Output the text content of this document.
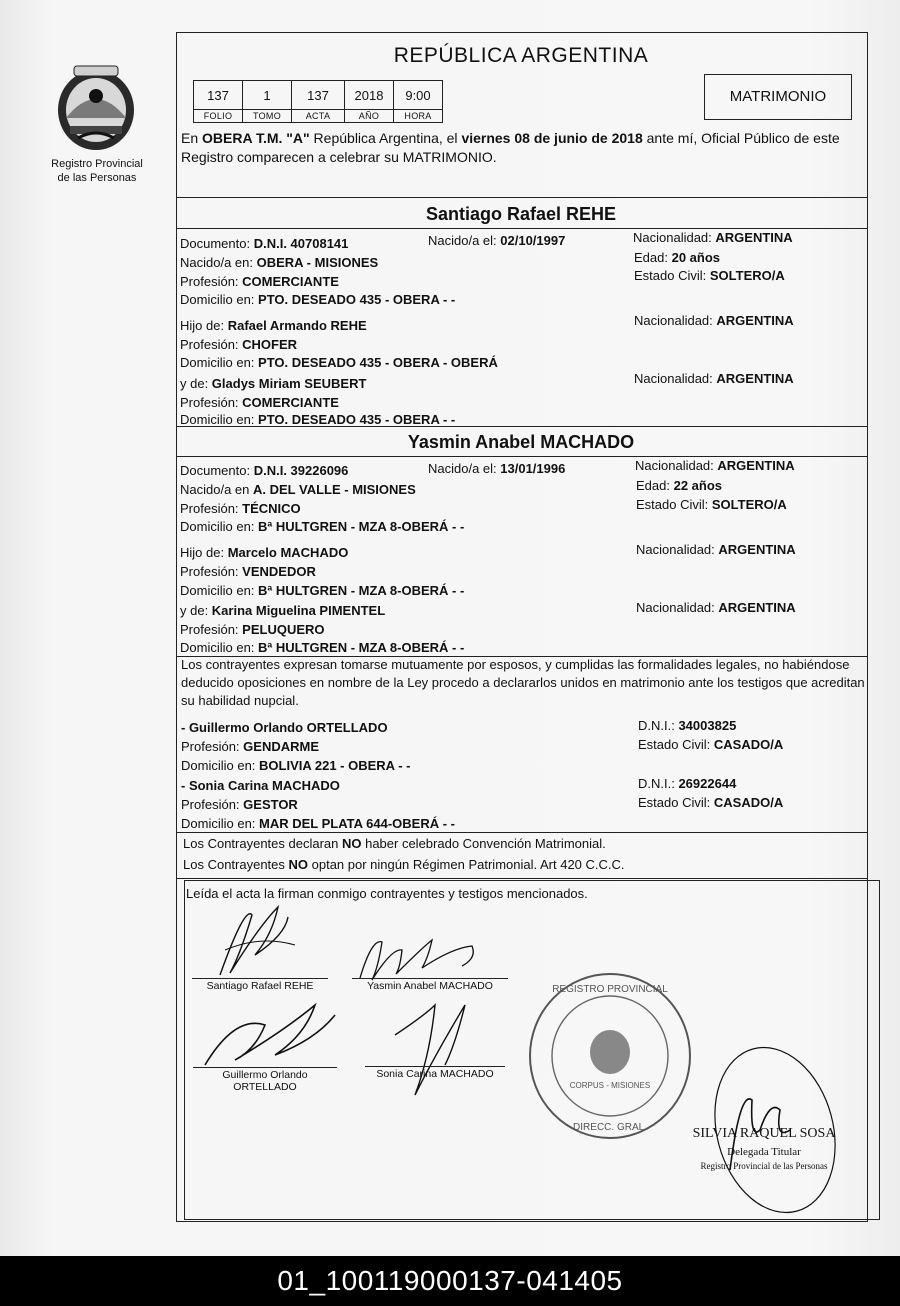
Registro Provincial
de las Personas
REPÚBLICA ARGENTINA
137	1	137	2018	9:00
FOLIO	TOMO	ACTA	AÑO	HORA
MATRIMONIO
En OBERA T.M. "A" República Argentina, el viernes 08 de junio de 2018 ante mí, Oficial Público de este Registro comparecen a celebrar su MATRIMONIO.
Santiago Rafael REHE
Documento: D.N.I. 40708141	Nacido/a el: 02/10/1997	Nacionalidad: ARGENTINA
Nacido/a en: OBERA - MISIONES	Edad: 20 años
Profesión: COMERCIANTE	Estado Civil: SOLTERO/A
Domicilio en: PTO. DESEADO 435 - OBERA - -
Hijo de: Rafael Armando REHE	Nacionalidad: ARGENTINA
Profesión: CHOFER
Domicilio en: PTO. DESEADO 435 - OBERA - OBERÁ
y de: Gladys Miriam SEUBERT	Nacionalidad: ARGENTINA
Profesión: COMERCIANTE
Domicilio en: PTO. DESEADO 435 - OBERA - -
Yasmin Anabel MACHADO
Documento: D.N.I. 39226096	Nacido/a el: 13/01/1996	Nacionalidad: ARGENTINA
Nacido/a en A. DEL VALLE - MISIONES	Edad: 22 años
Profesión: TÉCNICO	Estado Civil: SOLTERO/A
Domicilio en: Bª HULTGREN - MZA 8-OBERÁ - -
Hijo de: Marcelo MACHADO	Nacionalidad: ARGENTINA
Profesión: VENDEDOR
Domicilio en: Bª HULTGREN - MZA 8-OBERÁ - -
y de: Karina Miguelina PIMENTEL	Nacionalidad: ARGENTINA
Profesión: PELUQUERO
Domicilio en: Bª HULTGREN - MZA 8-OBERÁ - -
Los contrayentes expresan tomarse mutuamente por esposos, y cumplidas las formalidades legales, no habiéndose deducido oposiciones en nombre de la Ley procedo a declararlos unidos en matrimonio ante los testigos que acreditan su habilidad nupcial.
- Guillermo Orlando ORTELLADO	D.N.I.: 34003825
Profesión: GENDARME	Estado Civil: CASADO/A
Domicilio en: BOLIVIA 221 - OBERA - -
- Sonia Carina MACHADO	D.N.I.: 26922644
Profesión: GESTOR	Estado Civil: CASADO/A
Domicilio en: MAR DEL PLATA 644-OBERÁ - -
Los Contrayentes declaran NO haber celebrado Convención Matrimonial.
Los Contrayentes NO optan por ningún Régimen Patrimonial. Art 420 C.C.C.
Leída el acta la firman conmigo contrayentes y testigos mencionados.
Santiago Rafael REHE	Yasmin Anabel MACHADO
Guillermo Orlando
ORTELLADO
Sonia Carina MACHADO
REGISTRO PROVINCIAL
DIRECC. GRAL.
CORPUS - MISIONES
SILVIA RAQUEL SOSA
Delegada Titular
Registro Provincial de las Personas
01_100119000137-041405
